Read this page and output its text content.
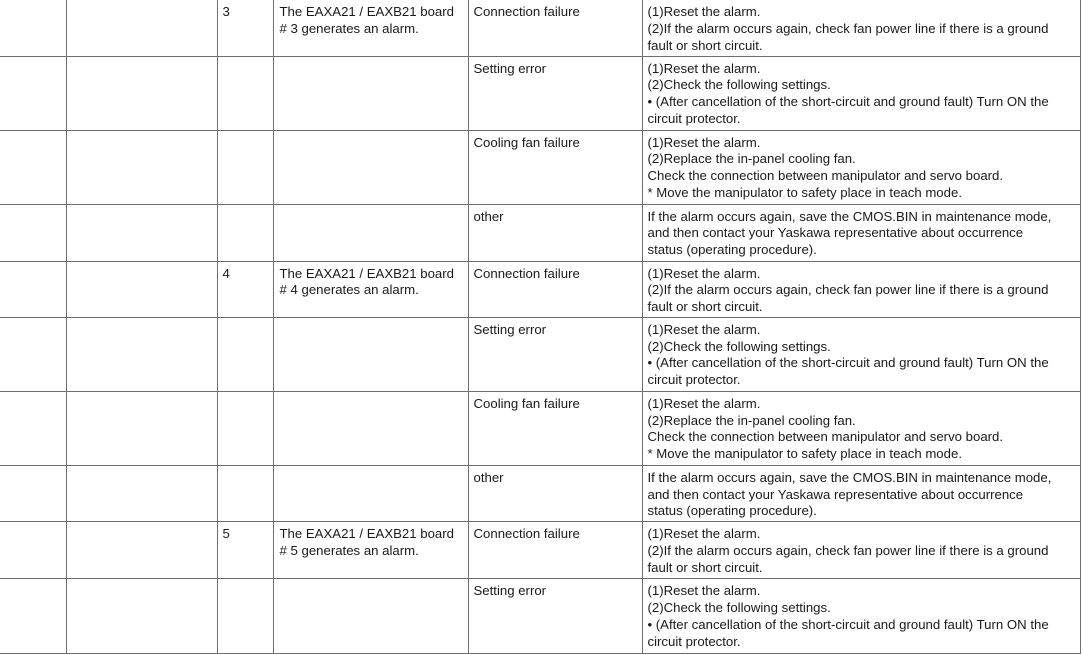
		3	The EAXA21 / EAXB21 board
# 3 generates an alarm.	Connection failure	(1)Reset the alarm.
(2)If the alarm occurs again, check fan power line if there is a ground
fault or short circuit.

				Setting error	(1)Reset the alarm.
(2)Check the following settings.
• (After cancellation of the short-circuit and ground fault) Turn ON the
circuit protector.

				Cooling fan failure	(1)Reset the alarm.
(2)Replace the in-panel cooling fan.
Check the connection between manipulator and servo board.
* Move the manipulator to safety place in teach mode.

				other	If the alarm occurs again, save the CMOS.BIN in maintenance mode,
and then contact your Yaskawa representative about occurrence
status (operating procedure).

		4	The EAXA21 / EAXB21 board
# 4 generates an alarm.	Connection failure	(1)Reset the alarm.
(2)If the alarm occurs again, check fan power line if there is a ground
fault or short circuit.

				Setting error	(1)Reset the alarm.
(2)Check the following settings.
• (After cancellation of the short-circuit and ground fault) Turn ON the
circuit protector.

				Cooling fan failure	(1)Reset the alarm.
(2)Replace the in-panel cooling fan.
Check the connection between manipulator and servo board.
* Move the manipulator to safety place in teach mode.

				other	If the alarm occurs again, save the CMOS.BIN in maintenance mode,
and then contact your Yaskawa representative about occurrence
status (operating procedure).

		5	The EAXA21 / EAXB21 board
# 5 generates an alarm.	Connection failure	(1)Reset the alarm.
(2)If the alarm occurs again, check fan power line if there is a ground
fault or short circuit.

				Setting error	(1)Reset the alarm.
(2)Check the following settings.
• (After cancellation of the short-circuit and ground fault) Turn ON the
circuit protector.
